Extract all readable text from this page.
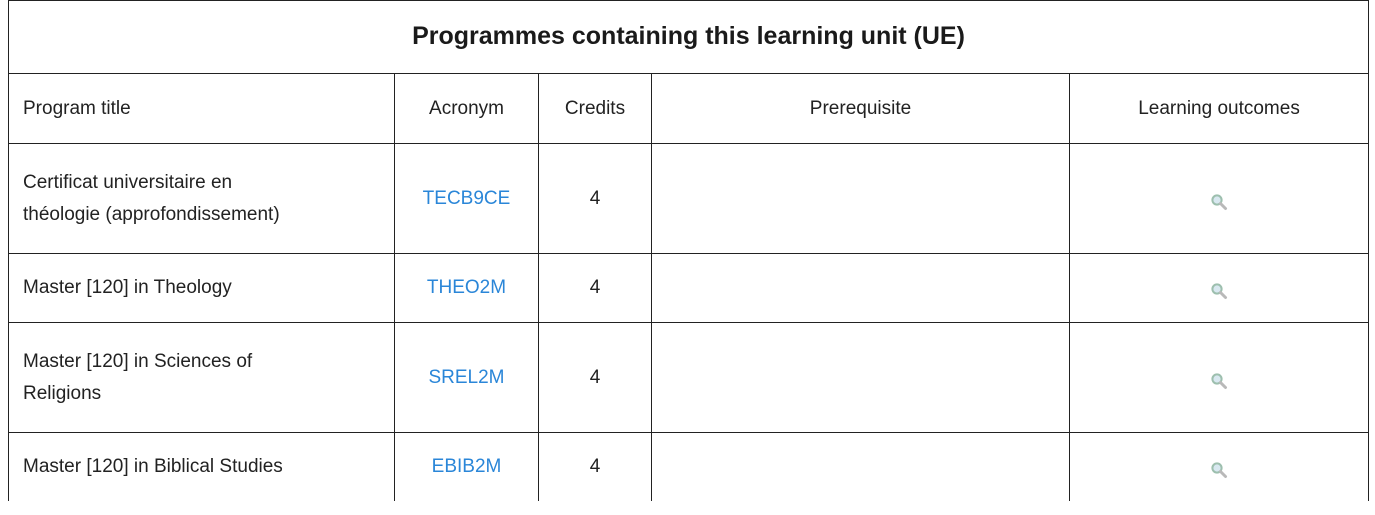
Programmes containing this learning unit (UE)				
Program title	Acronym	Credits	Prerequisite	Learning outcomes
Certificat universitaire en
théologie (approfondissement)	TECB9CE	4		
Master [120] in Theology	THEO2M	4		
Master [120] in Sciences of
Religions	SREL2M	4		
Master [120] in Biblical Studies	EBIB2M	4		
